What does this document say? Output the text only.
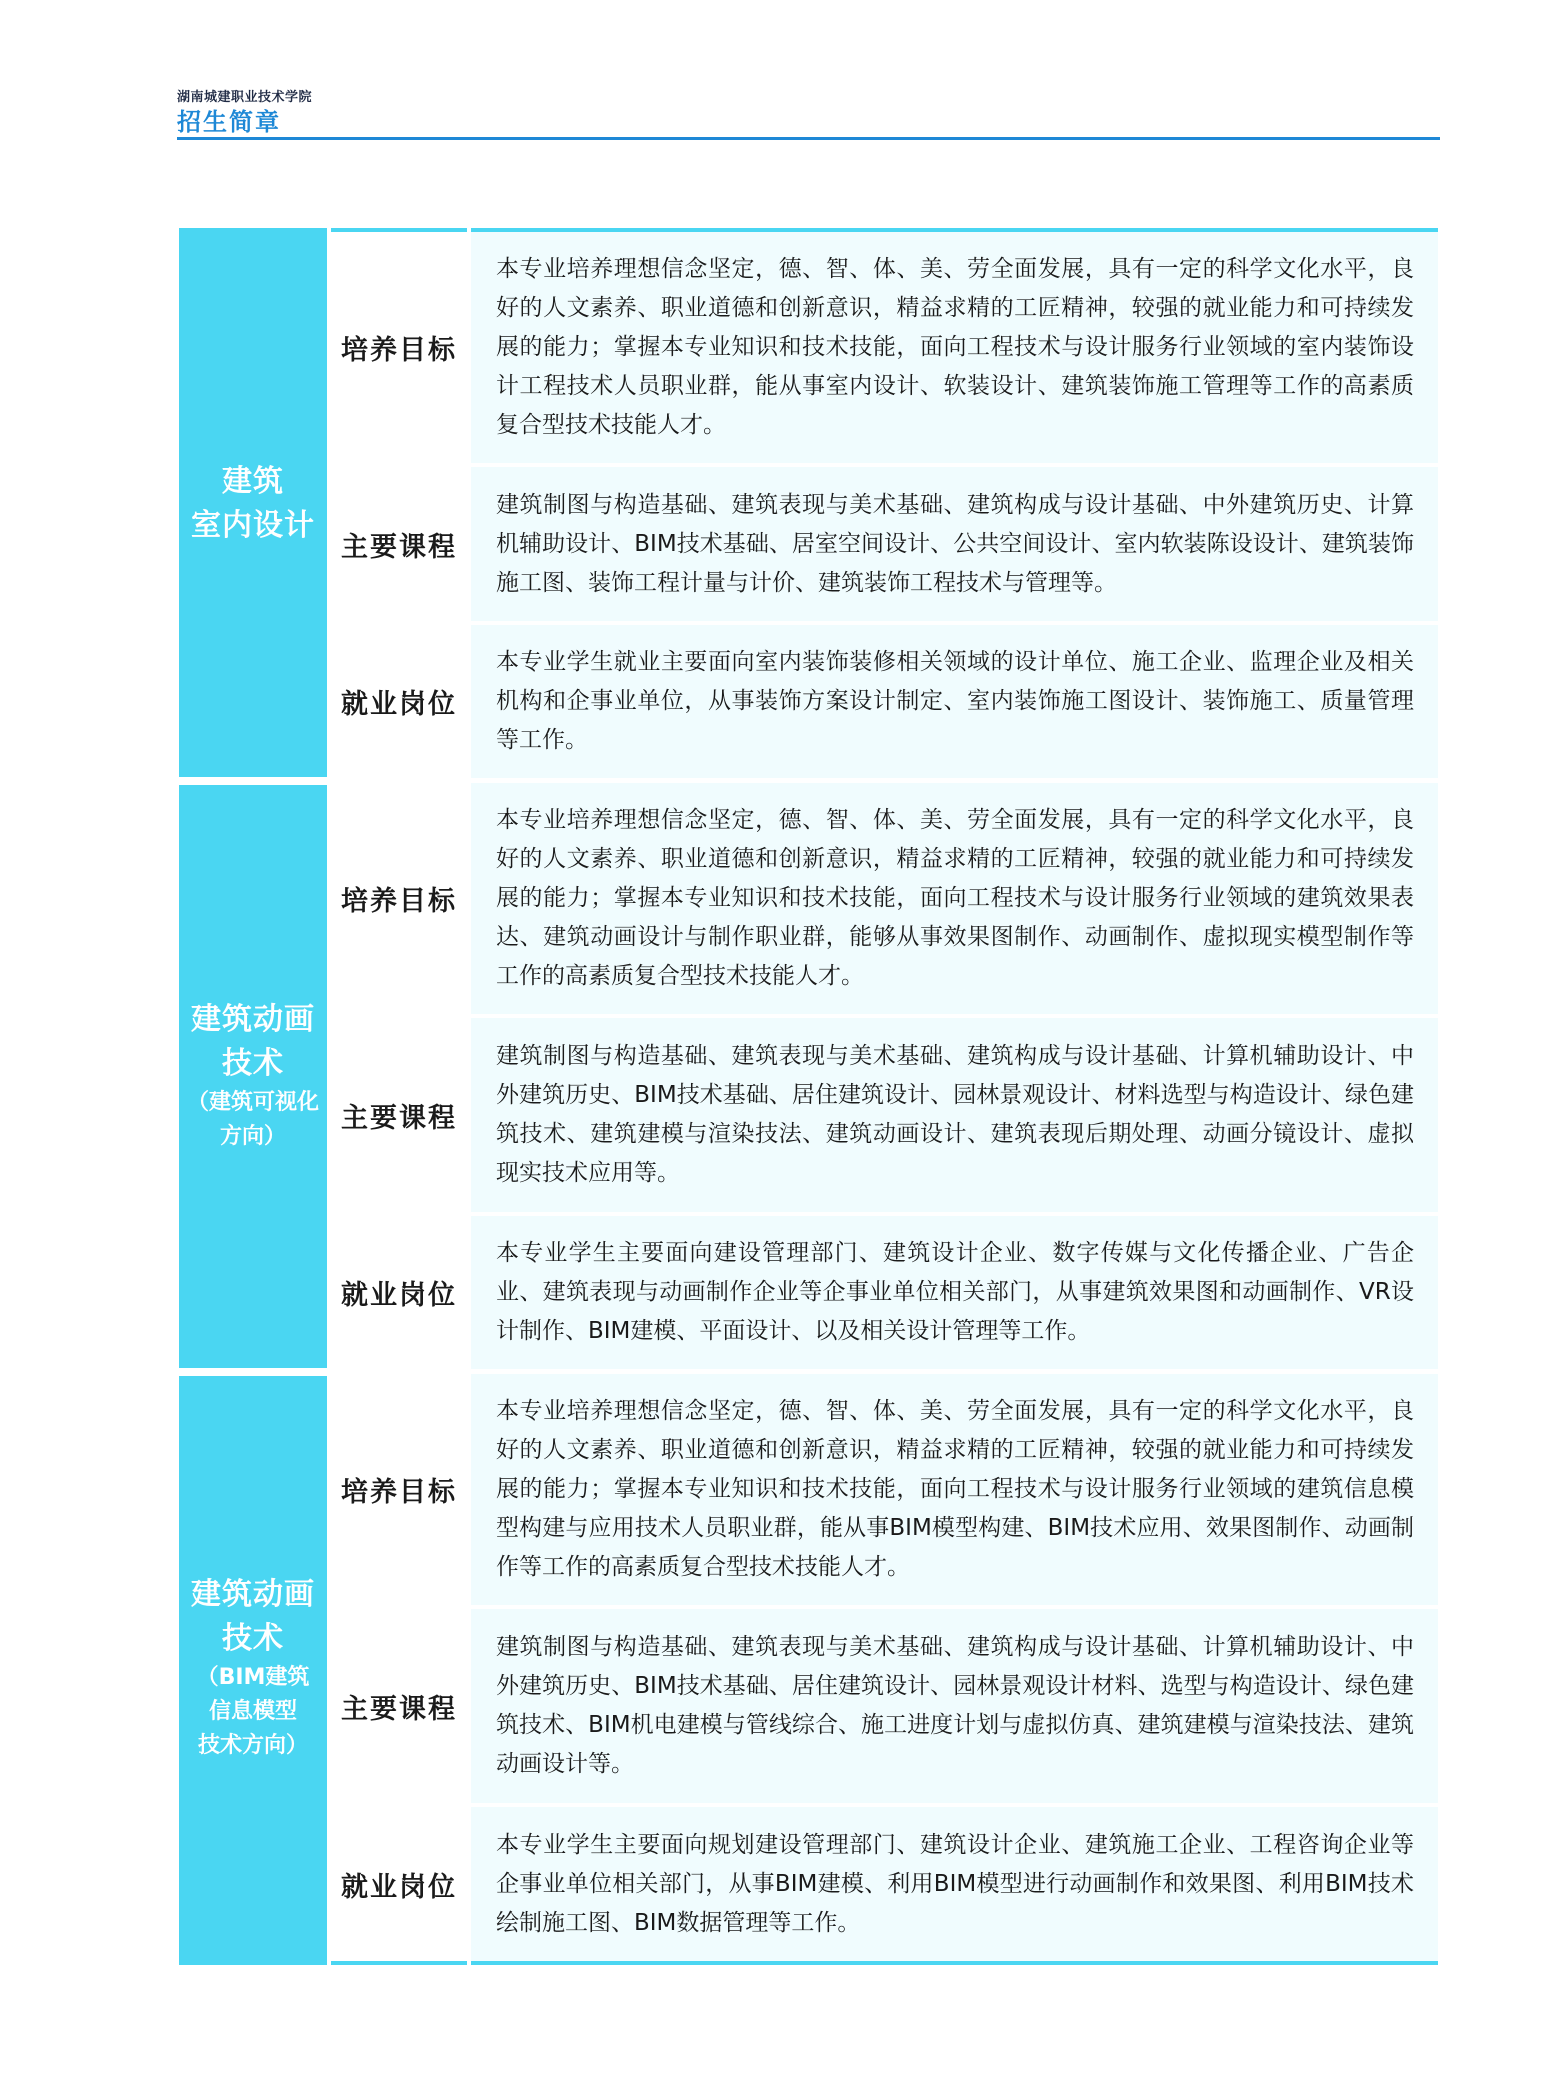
湖南城建职业技术学院
招生简章
建筑
室内设计	培养目标	本专业培养理想信念坚定，德、智、体、美、劳全面发展，具有一定的科学文化水平，良好的人文素养、职业道德和创新意识，精益求精的工匠精神，较强的就业能力和可持续发展的能力；掌握本专业知识和技术技能，面向工程技术与设计服务行业领域的室内装饰设计工程技术人员职业群，能从事室内设计、软装设计、建筑装饰施工管理等工作的高素质复合型技术技能人才。
	主要课程	建筑制图与构造基础、建筑表现与美术基础、建筑构成与设计基础、中外建筑历史、计算机辅助设计、BIM技术基础、居室空间设计、公共空间设计、室内软装陈设设计、建筑装饰施工图、装饰工程计量与计价、建筑装饰工程技术与管理等。
	就业岗位	本专业学生就业主要面向室内装饰装修相关领域的设计单位、施工企业、监理企业及相关机构和企事业单位，从事装饰方案设计制定、室内装饰施工图设计、装饰施工、质量管理等工作。

建筑动画
技术
（建筑可视化
方向）	培养目标	本专业培养理想信念坚定，德、智、体、美、劳全面发展，具有一定的科学文化水平，良好的人文素养、职业道德和创新意识，精益求精的工匠精神，较强的就业能力和可持续发展的能力；掌握本专业知识和技术技能，面向工程技术与设计服务行业领域的建筑效果表达、建筑动画设计与制作职业群，能够从事效果图制作、动画制作、虚拟现实模型制作等工作的高素质复合型技术技能人才。
	主要课程	建筑制图与构造基础、建筑表现与美术基础、建筑构成与设计基础、计算机辅助设计、中外建筑历史、BIM技术基础、居住建筑设计、园林景观设计、材料选型与构造设计、绿色建筑技术、建筑建模与渲染技法、建筑动画设计、建筑表现后期处理、动画分镜设计、虚拟现实技术应用等。
	就业岗位	本专业学生主要面向建设管理部门、建筑设计企业、数字传媒与文化传播企业、广告企业、建筑表现与动画制作企业等企事业单位相关部门，从事建筑效果图和动画制作、VR设计制作、BIM建模、平面设计、以及相关设计管理等工作。

建筑动画
技术
（BIM建筑
信息模型
技术方向）	培养目标	本专业培养理想信念坚定，德、智、体、美、劳全面发展，具有一定的科学文化水平，良好的人文素养、职业道德和创新意识，精益求精的工匠精神，较强的就业能力和可持续发展的能力；掌握本专业知识和技术技能，面向工程技术与设计服务行业领域的建筑信息模型构建与应用技术人员职业群，能从事BIM模型构建、BIM技术应用、效果图制作、动画制作等工作的高素质复合型技术技能人才。
	主要课程	建筑制图与构造基础、建筑表现与美术基础、建筑构成与设计基础、计算机辅助设计、中外建筑历史、BIM技术基础、居住建筑设计、园林景观设计材料、选型与构造设计、绿色建筑技术、BIM机电建模与管线综合、施工进度计划与虚拟仿真、建筑建模与渲染技法、建筑动画设计等。
	就业岗位	本专业学生主要面向规划建设管理部门、建筑设计企业、建筑施工企业、工程咨询企业等企事业单位相关部门，从事BIM建模、利用BIM模型进行动画制作和效果图、利用BIM技术绘制施工图、BIM数据管理等工作。
